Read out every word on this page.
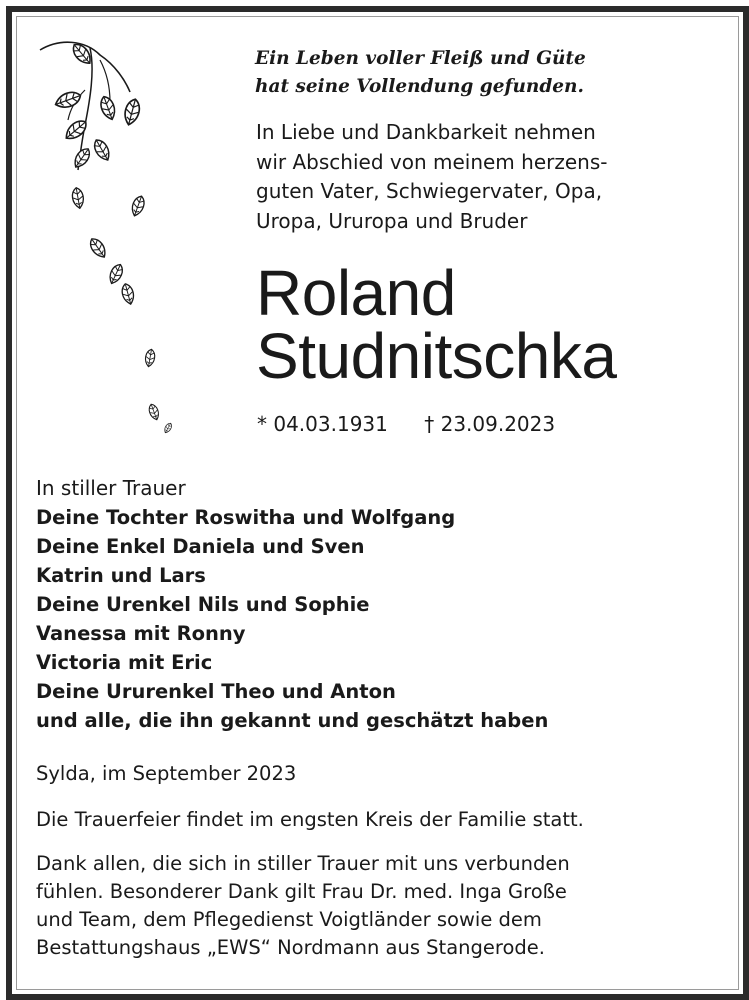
Ein Leben voller Fleiß und Güte
hat seine Vollendung gefunden.
In Liebe und Dankbarkeit nehmen
wir Abschied von meinem herzens-
guten Vater, Schwiegervater, Opa,
Uropa, Ururopa und Bruder
Roland
Studnitschka
* 04.03.1931 † 23.09.2023
In stiller Trauer
Deine Tochter Roswitha und Wolfgang
Deine Enkel Daniela und Sven
Katrin und Lars
Deine Urenkel Nils und Sophie
Vanessa mit Ronny
Victoria mit Eric
Deine Ururenkel Theo und Anton
und alle, die ihn gekannt und geschätzt haben
Sylda, im September 2023
Die Trauerfeier findet im engsten Kreis der Familie statt.
Dank allen, die sich in stiller Trauer mit uns verbunden
fühlen. Besonderer Dank gilt Frau Dr. med. Inga Große
und Team, dem Pflegedienst Voigtländer sowie dem
Bestattungshaus „EWS“ Nordmann aus Stangerode.
